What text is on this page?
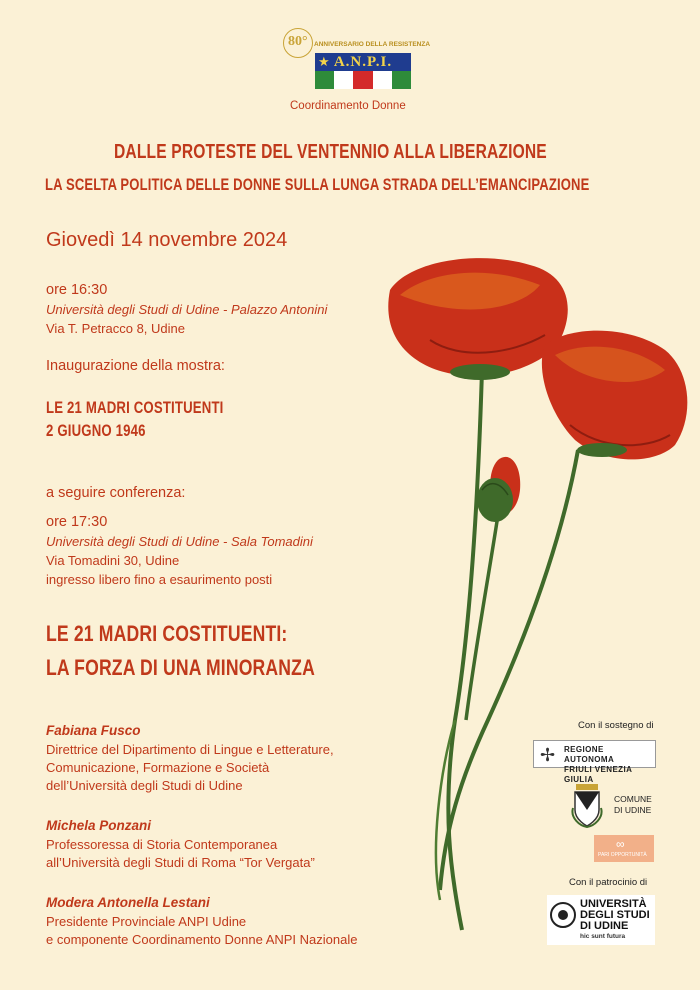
80° ANNIVERSARIO DELLA RESISTENZA
A.N.P.I.
★
Coordinamento Donne
DALLE PROTESTE DEL VENTENNIO ALLA LIBERAZIONE
LA SCELTA POLITICA DELLE DONNE SULLA LUNGA STRADA DELL’EMANCIPAZIONE
Giovedì 14 novembre 2024
ore 16:30
Università degli Studi di Udine - Palazzo Antonini
Via T. Petracco 8, Udine
Inaugurazione della mostra:
LE 21 MADRI COSTITUENTI
2 GIUGNO 1946
a seguire conferenza:
ore 17:30
Università degli Studi di Udine - Sala Tomadini
Via Tomadini 30, Udine
ingresso libero fino a esaurimento posti
LE 21 MADRI COSTITUENTI:
LA FORZA DI UNA MINORANZA
Fabiana Fusco
Direttrice del Dipartimento di Lingue e Letterature,
Comunicazione, Formazione e Società
dell’Università degli Studi di Udine
Michela Ponzani
Professoressa di Storia Contemporanea
all’Università degli Studi di Roma “Tor Vergata”
Modera Antonella Lestani
Presidente Provinciale ANPI Udine
e componente Coordinamento Donne ANPI Nazionale
Con il sostegno di
✢ REGIONE AUTONOMA
FRIULI VENEZIA GIULIA
COMUNE
DI UDINE
∞
PARI OPPORTUNITÀ
Con il patrocinio di
UNIVERSITÀ
DEGLI STUDI
DI UDINE
hic sunt futura
